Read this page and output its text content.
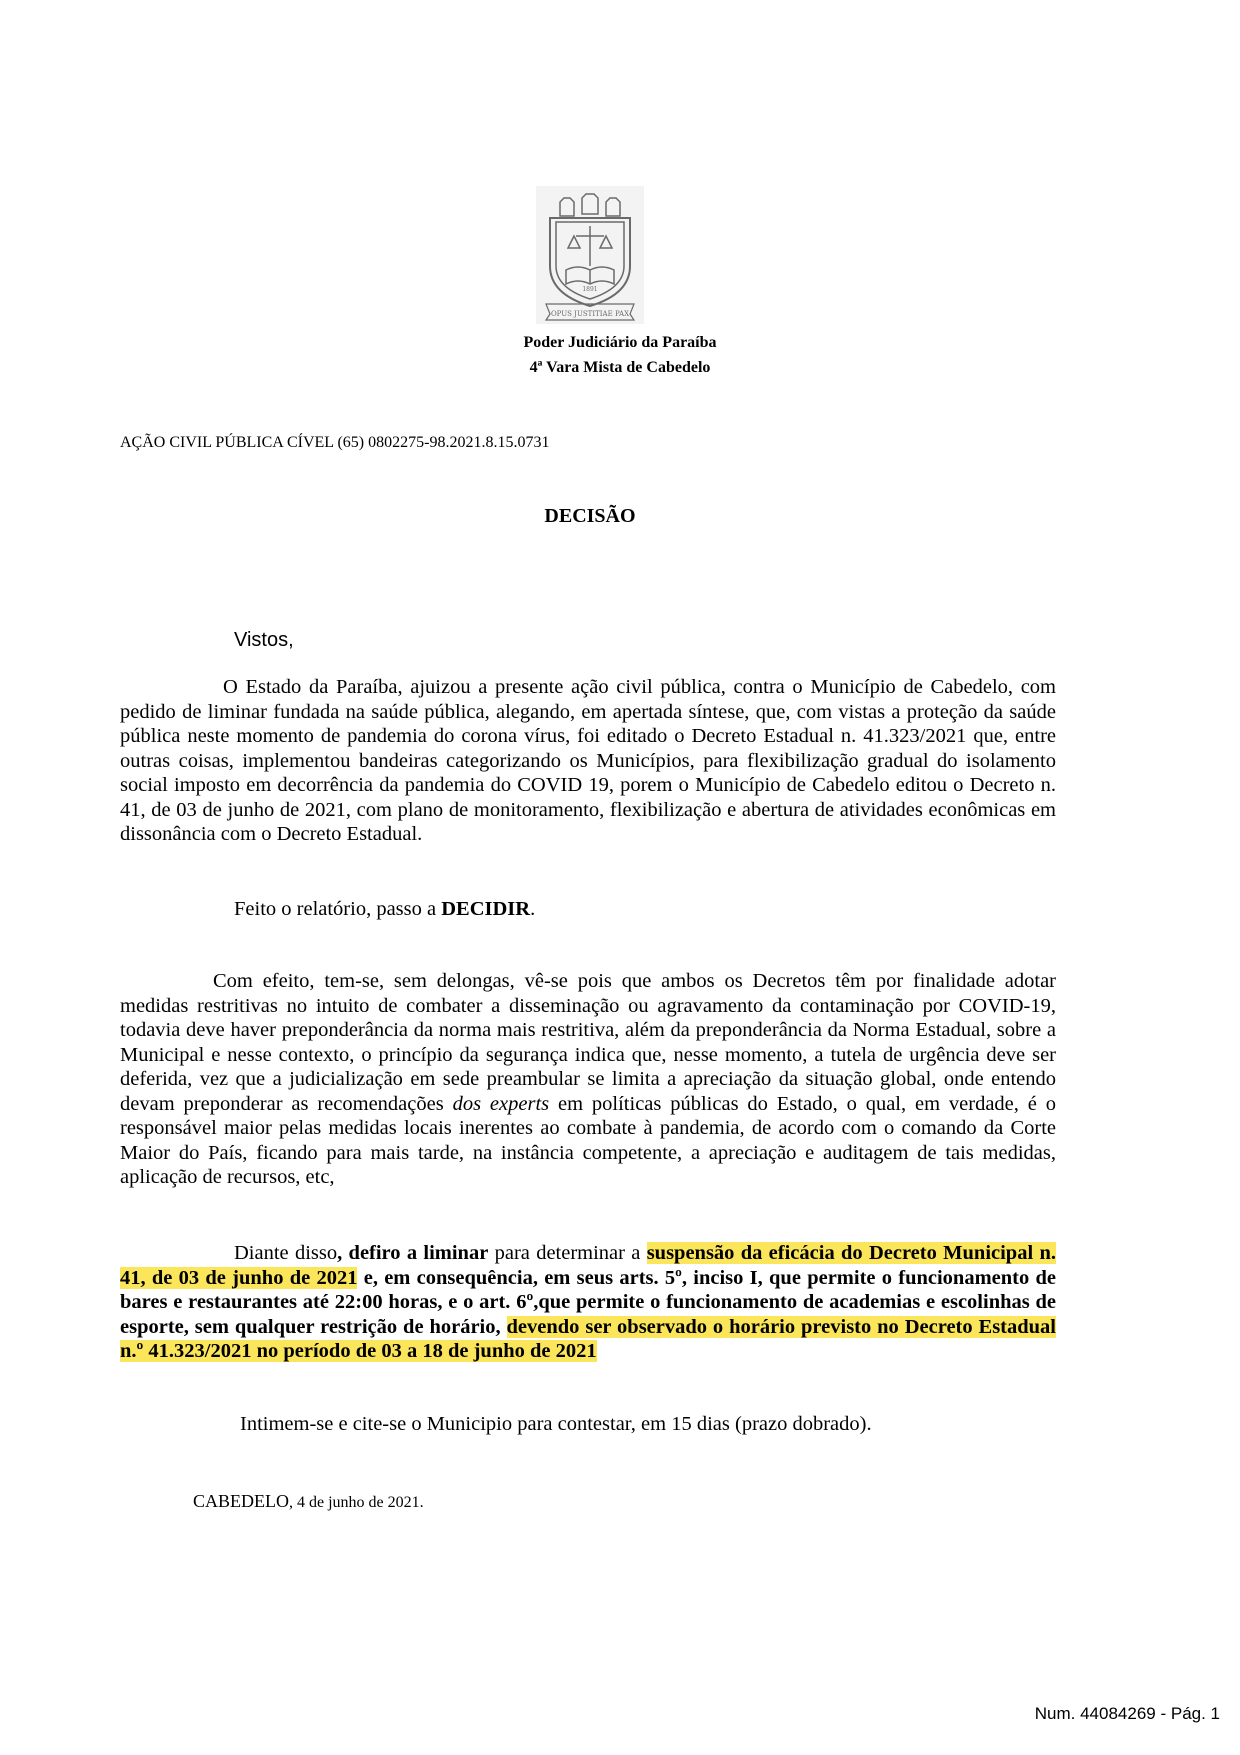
1891
OPUS JUSTITIAE PAX
Poder Judiciário da Paraíba
4ª Vara Mista de Cabedelo
AÇÃO CIVIL PÚBLICA CÍVEL (65) 0802275-98.2021.8.15.0731
DECISÃO
Vistos,
O Estado da Paraíba, ajuizou a presente ação civil pública, contra o Município de Cabedelo, com pedido de liminar fundada na saúde pública, alegando, em apertada síntese, que, com vistas a proteção da saúde pública neste momento de pandemia do corona vírus, foi editado o Decreto Estadual n. 41.323/2021 que, entre outras coisas, implementou bandeiras categorizando os Municípios, para flexibilização gradual do isolamento social imposto em decorrência da pandemia do COVID 19, porem o Município de Cabedelo editou o Decreto n. 41, de 03 de junho de 2021, com plano de monitoramento, flexibilização e abertura de atividades econômicas em dissonância com o Decreto Estadual.
Feito o relatório, passo a DECIDIR.
Com efeito, tem-se, sem delongas, vê-se pois que ambos os Decretos têm por finalidade adotar medidas restritivas no intuito de combater a disseminação ou agravamento da contaminação por COVID-19, todavia deve haver preponderância da norma mais restritiva, além da preponderância da Norma Estadual, sobre a Municipal e nesse contexto, o princípio da segurança indica que, nesse momento, a tutela de urgência deve ser deferida, vez que a judicialização em sede preambular se limita a apreciação da situação global, onde entendo devam preponderar as recomendações dos experts em políticas públicas do Estado, o qual, em verdade, é o responsável maior pelas medidas locais inerentes ao combate à pandemia, de acordo com o comando da Corte Maior do País, ficando para mais tarde, na instância competente, a apreciação e auditagem de tais medidas, aplicação de recursos, etc,
Diante disso, defiro a liminar para determinar a suspensão da eficácia do Decreto Municipal n. 41, de 03 de junho de 2021 e, em consequência, em seus arts. 5º, inciso I, que permite o funcionamento de bares e restaurantes até 22:00 horas, e o art. 6º,que permite o funcionamento de academias e escolinhas de esporte, sem qualquer restrição de horário, devendo ser observado o horário previsto no Decreto Estadual n.º 41.323/2021 no período de 03 a 18 de junho de 2021
Intimem-se e cite-se o Municipio para contestar, em 15 dias (prazo dobrado).
CABEDELO, 4 de junho de 2021.
Num. 44084269 - Pág. 1
